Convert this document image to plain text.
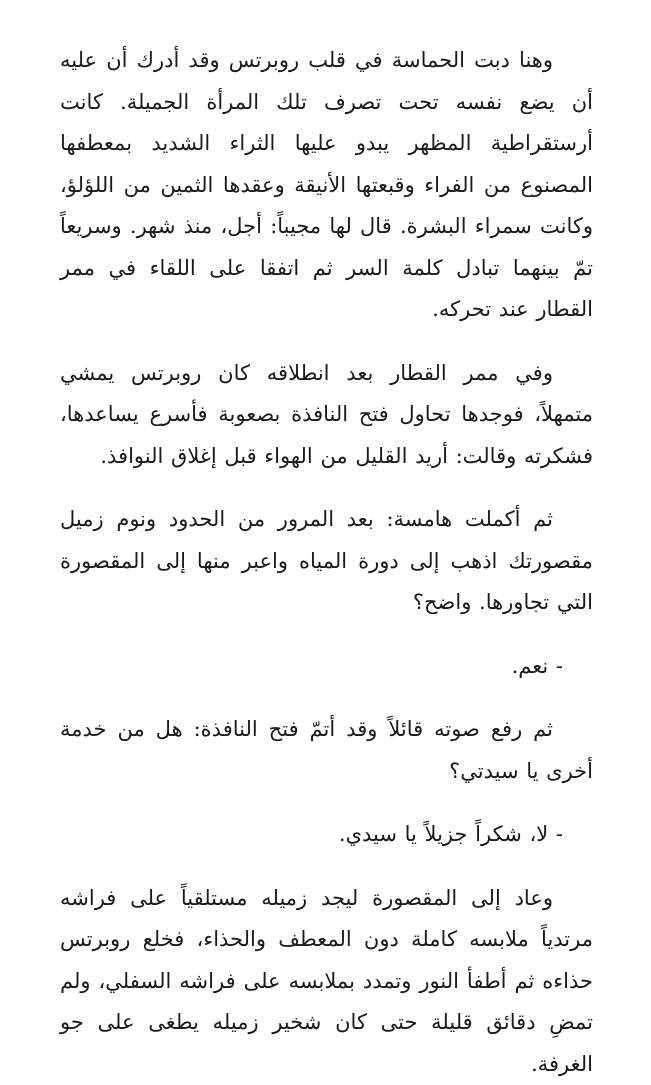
وهنا دبت الحماسة في قلب روبرتس وقد أدرك أن عليه أن يضع نفسه تحت تصرف تلك المرأة الجميلة. كانت أرستقراطية المظهر يبدو عليها الثراء الشديد بمعطفها المصنوع من الفراء وقبعتها الأنيقة وعقدها الثمين من اللؤلؤ، وكانت سمراء البشرة. قال لها مجيباً: أجل، منذ شهر. وسريعاً تمّ بينهما تبادل كلمة السر ثم اتفقا على اللقاء في ممر القطار عند تحركه.

وفي ممر القطار بعد انطلاقه كان روبرتس يمشي متمهلاً، فوجدها تحاول فتح النافذة بصعوبة فأسرع يساعدها، فشكرته وقالت: أريد القليل من الهواء قبل إغلاق النوافذ.

ثم أكملت هامسة: بعد المرور من الحدود ونوم زميل مقصورتك اذهب إلى دورة المياه واعبر منها إلى المقصورة التي تجاورها. واضح؟

- نعم.

ثم رفع صوته قائلاً وقد أتمّ فتح النافذة: هل من خدمة أخرى يا سيدتي؟

- لا، شكراً جزيلاً يا سيدي.

وعاد إلى المقصورة ليجد زميله مستلقياً على فراشه مرتدياً ملابسه كاملة دون المعطف والحذاء، فخلع روبرتس حذاءه ثم أطفأ النور وتمدد بملابسه على فراشه السفلي، ولم تمضِ دقائق قليلة حتى كان شخير زميله يطغى على جو الغرفة.
